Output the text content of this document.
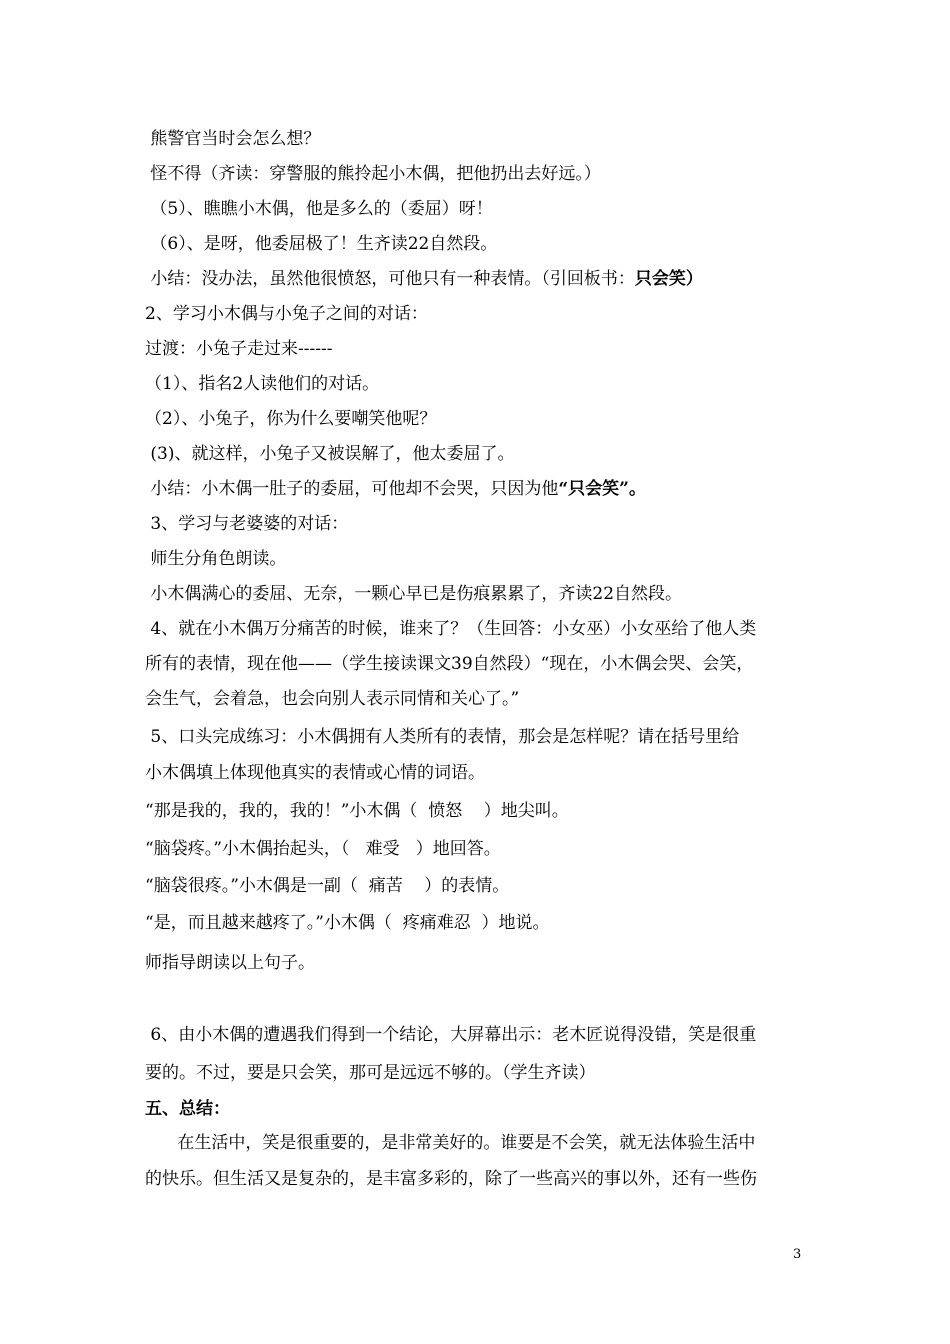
熊警官当时会怎么想？
怪不得（齐读：穿警服的熊拎起小木偶，把他扔出去好远。）
（5）、瞧瞧小木偶，他是多么的（委屈）呀！
（6）、是呀，他委屈极了！生齐读22自然段。
小结：没办法，虽然他很愤怒，可他只有一种表情。（引回板书：只会笑）
2、学习小木偶与小兔子之间的对话：
过渡：小兔子走过来------
（1）、指名2人读他们的对话。
（2）、小兔子，你为什么要嘲笑他呢？
(3)、就这样，小兔子又被误解了，他太委屈了。
小结：小木偶一肚子的委屈，可他却不会哭，只因为他“只会笑”。
3、学习与老婆婆的对话：
师生分角色朗读。
小木偶满心的委屈、无奈，一颗心早已是伤痕累累了，齐读22自然段。
4、就在小木偶万分痛苦的时候，谁来了？（生回答：小女巫）小女巫给了他人类
所有的表情，现在他——（学生接读课文39自然段）“现在，小木偶会哭、会笑，
会生气，会着急，也会向别人表示同情和关心了。”
5、口头完成练习：小木偶拥有人类所有的表情，那会是怎样呢？请在括号里给
小木偶填上体现他真实的表情或心情的词语。
“那是我的，我的，我的！”小木偶（  愤怒    ）地尖叫。
“脑袋疼。”小木偶抬起头，（   难受   ）地回答。
“脑袋很疼。”小木偶是一副（  痛苦    ）的表情。
“是，而且越来越疼了。”小木偶（  疼痛难忍  ）地说。
师指导朗读以上句子。
6、由小木偶的遭遇我们得到一个结论，大屏幕出示：老木匠说得没错，笑是很重
要的。不过，要是只会笑，那可是远远不够的。（学生齐读）
五、总结：
在生活中，笑是很重要的，是非常美好的。谁要是不会笑，就无法体验生活中
的快乐。但生活又是复杂的，是丰富多彩的，除了一些高兴的事以外，还有一些伤
3
